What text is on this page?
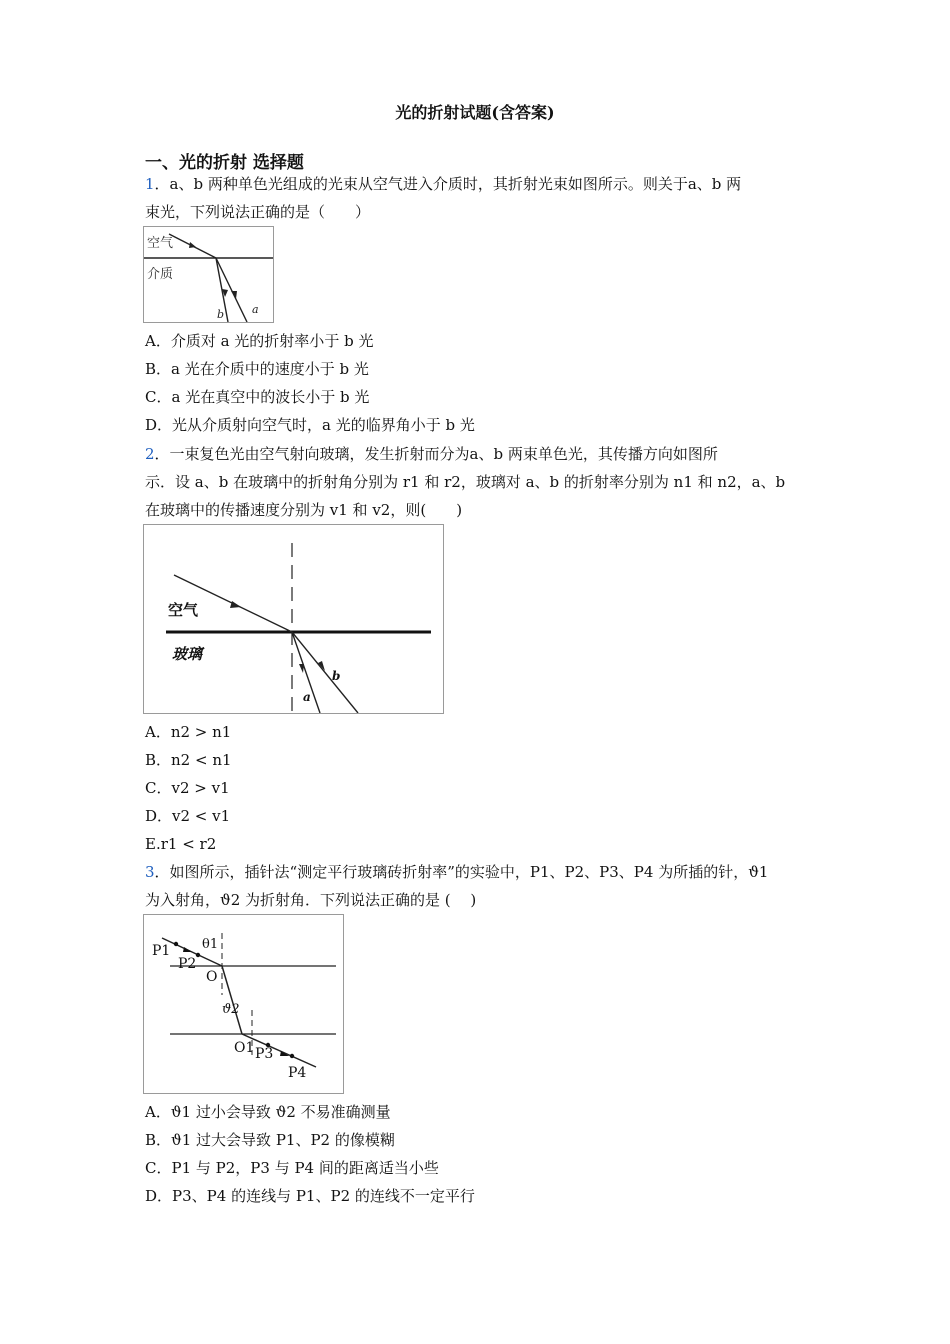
光的折射试题(含答案)
一、光的折射 选择题
1．a、b 两种单色光组成的光束从空气进入介质时，其折射光束如图所示。则关于a、b 两
束光，下列说法正确的是（　　）
空气
介质
b	a
A．介质对 a 光的折射率小于 b 光
B．a 光在介质中的速度小于 b 光
C．a 光在真空中的波长小于 b 光
D．光从介质射向空气时，a 光的临界角小于 b 光
2．一束复色光由空气射向玻璃，发生折射而分为a、b 两束单色光，其传播方向如图所
示．设 a、b 在玻璃中的折射角分别为 r1 和 r2，玻璃对 a、b 的折射率分别为 n1 和 n2，a、b
在玻璃中的传播速度分别为 v1 和 v2，则(　　)
空气
玻璃
a
b
A．n2 > n1
B．n2 < n1
C．v2 > v1
D．v2 < v1
E.r1 < r2
3．如图所示，插针法“测定平行玻璃砖折射率”的实验中，P1、P2、P3、P4 为所插的针，ϑ1
为入射角，ϑ2 为折射角．下列说法正确的是 (　 )
P1
P2
θ1
O
ϑ2
O1 P3
P4
A．ϑ1 过小会导致 ϑ2 不易准确测量
B．ϑ1 过大会导致 P1、P2 的像模糊
C．P1 与 P2，P3 与 P4 间的距离适当小些
D．P3、P4 的连线与 P1、P2 的连线不一定平行
